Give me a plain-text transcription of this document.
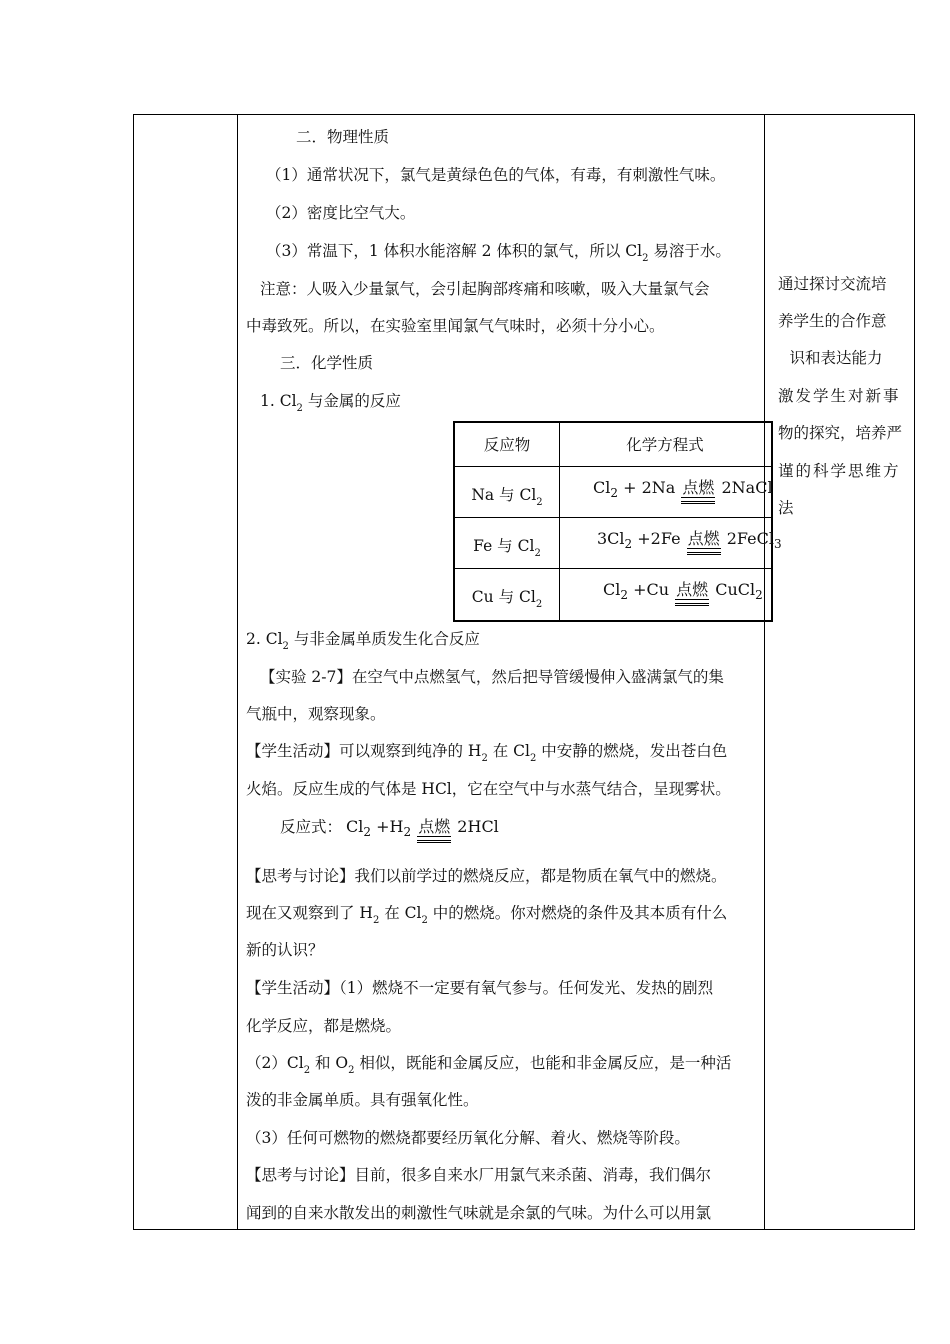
二．物理性质
（1）通常状况下，氯气是黄绿色色的气体，有毒，有刺激性气味。
（2）密度比空气大。
（3）常温下，1 体积水能溶解 2 体积的氯气，所以 $Cl_2$ 易溶于水。
注意：人吸入少量氯气，会引起胸部疼痛和咳嗽，吸入大量氯气会
中毒致死。所以，在实验室里闻氯气气味时，必须十分小心。
三．化学性质
1. $Cl_2$ 与金属的反应
反应物	化学方程式
Na 与 $Cl_2$
$Cl_2 + 2Na$ 点燃 2NaCl
Fe 与 $Cl_2$
$3Cl_2 +2Fe$ 点燃 2FeCl$_3$
Cu 与 $Cl_2$
$Cl_2 +Cu$ 点燃 CuCl$_2$
2. $Cl_2$ 与非金属单质发生化合反应
【实验 2-7】在空气中点燃氢气，然后把导管缓慢伸入盛满氯气的集
气瓶中，观察现象。
【学生活动】可以观察到纯净的 $H_2$ 在 $Cl_2$ 中安静的燃烧，发出苍白色
火焰。反应生成的气体是 HCl，它在空气中与水蒸气结合，呈现雾状。
反应式： $Cl_2 +H_2$ 点燃 2HCl
【思考与讨论】我们以前学过的燃烧反应，都是物质在氧气中的燃烧。
现在又观察到了 $H_2$ 在 $Cl_2$ 中的燃烧。你对燃烧的条件及其本质有什么
新的认识？
【学生活动】（1）燃烧不一定要有氧气参与。任何发光、发热的剧烈
化学反应，都是燃烧。
$(2)Cl_2$ 和 $O_2$ 相似，既能和金属反应，也能和非金属反应，是一种活
泼的非金属单质。具有强氧化性。
（3）任何可燃物的燃烧都要经历氧化分解、着火、燃烧等阶段。
【思考与讨论】目前，很多自来水厂用氯气来杀菌、消毒，我们偶尔
闻到的自来水散发出的刺激性气味就是余氯的气味。为什么可以用氯
通过探讨交流培
养学生的合作意
识和表达能力
激发学生对新事
物的探究，培养严
谨的科学思维方
法
